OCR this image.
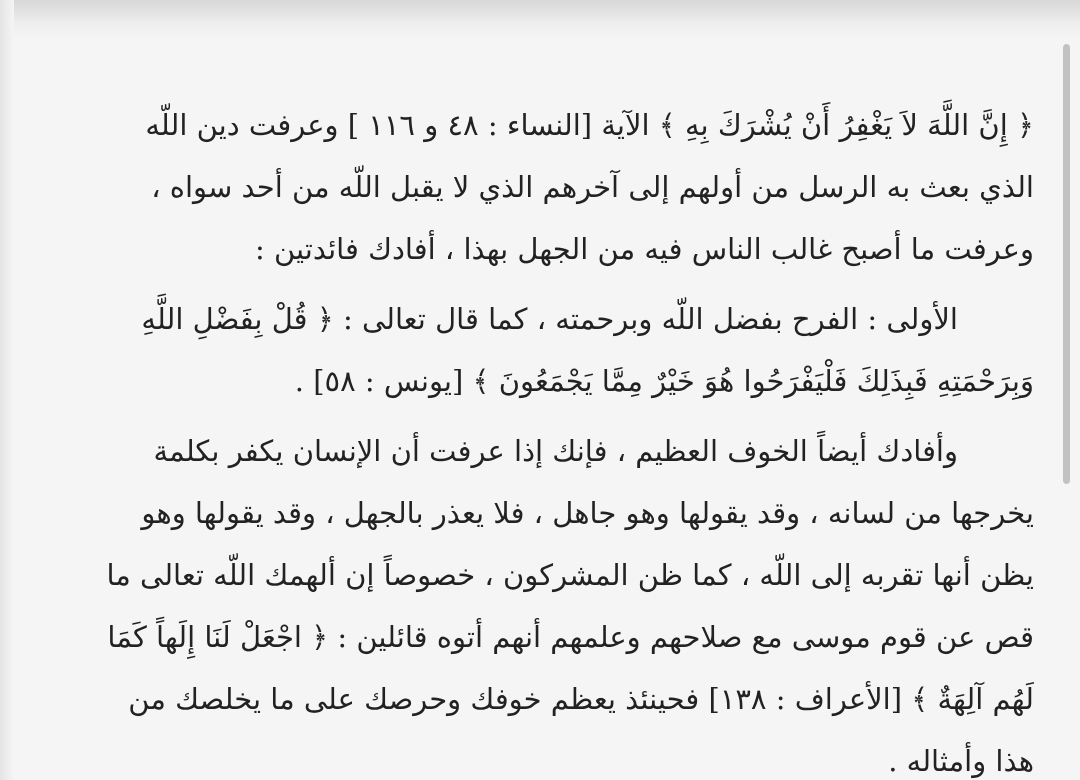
﴿ إِنَّ اللَّهَ لاَ يَغْفِرُ أَنْ يُشْرَكَ بِهِ ﴾ الآية [النساء : ٤٨ و ١١٦ ] وعرفت دين اللّه
الذي بعث به الرسل من أولهم إلى آخرهم الذي لا يقبل اللّه من أحد سواه ،
وعرفت ما أصبح غالب الناس فيه من الجهل بهذا ، أفادك فائدتين :
الأولى : الفرح بفضل اللّه وبرحمته ، كما قال تعالى : ﴿ قُلْ بِفَضْلِ اللَّهِ
وَبِرَحْمَتِهِ فَبِذَلِكَ فَلْيَفْرَحُوا هُوَ خَيْرٌ مِمَّا يَجْمَعُونَ ﴾ [يونس : ٥٨] .
وأفادك أيضاً الخوف العظيم ، فإنك إذا عرفت أن الإنسان يكفر بكلمة
يخرجها من لسانه ، وقد يقولها وهو جاهل ، فلا يعذر بالجهل ، وقد يقولها وهو
يظن أنها تقربه إلى اللّه ، كما ظن المشركون ، خصوصاً إن ألهمك اللّه تعالى ما
قص عن قوم موسى مع صلاحهم وعلمهم أنهم أتوه قائلين : ﴿ اجْعَلْ لَنَا إِلَهاً كَمَا
لَهُم آلِهَةٌ ﴾ [الأعراف : ١٣٨] فحينئذ يعظم خوفك وحرصك على ما يخلصك من
هذا وأمثاله .
